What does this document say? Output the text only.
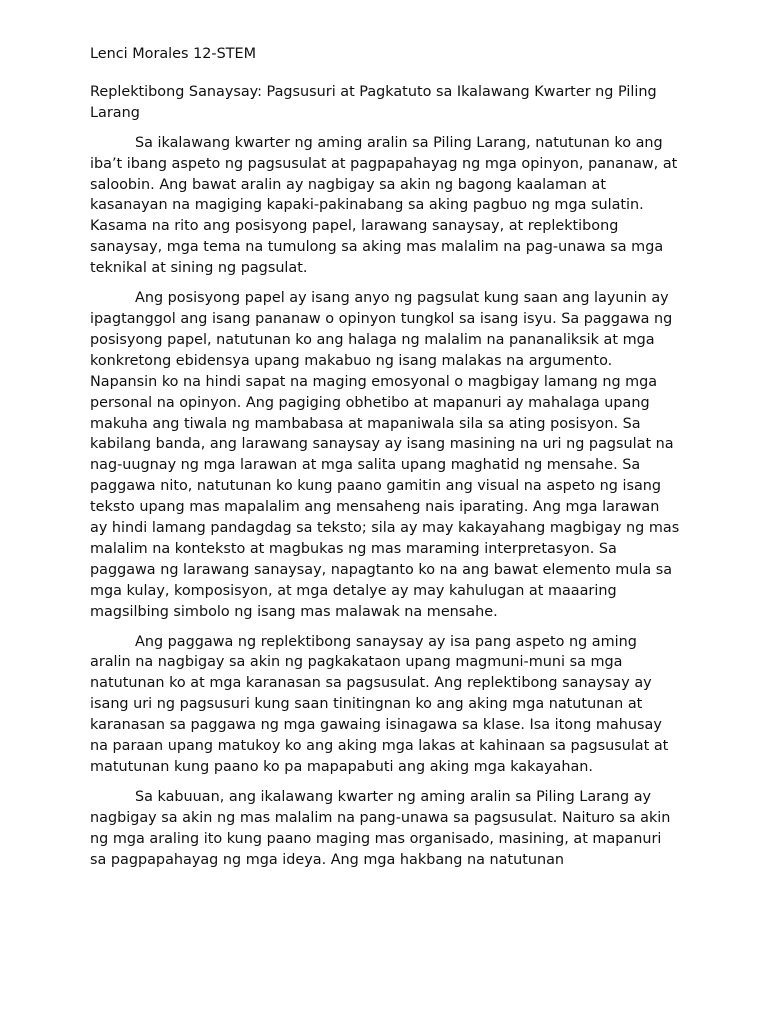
Lenci Morales 12-STEM

Replektibong Sanaysay: Pagsusuri at Pagkatuto sa Ikalawang Kwarter ng Piling Larang

Sa ikalawang kwarter ng aming aralin sa Piling Larang, natutunan ko ang iba’t ibang aspeto ng pagsusulat at pagpapahayag ng mga opinyon, pananaw, at saloobin. Ang bawat aralin ay nagbigay sa akin ng bagong kaalaman at kasanayan na magiging kapaki-pakinabang sa aking pagbuo ng mga sulatin. Kasama na rito ang posisyong papel, larawang sanaysay, at replektibong sanaysay, mga tema na tumulong sa aking mas malalim na pag-unawa sa mga teknikal at sining ng pagsulat.

Ang posisyong papel ay isang anyo ng pagsulat kung saan ang layunin ay ipagtanggol ang isang pananaw o opinyon tungkol sa isang isyu. Sa paggawa ng posisyong papel, natutunan ko ang halaga ng malalim na pananaliksik at mga konkretong ebidensya upang makabuo ng isang malakas na argumento. Napansin ko na hindi sapat na maging emosyonal o magbigay lamang ng mga personal na opinyon. Ang pagiging obhetibo at mapanuri ay mahalaga upang makuha ang tiwala ng mambabasa at mapaniwala sila sa ating posisyon. Sa kabilang banda, ang larawang sanaysay ay isang masining na uri ng pagsulat na nag-uugnay ng mga larawan at mga salita upang maghatid ng mensahe. Sa paggawa nito, natutunan ko kung paano gamitin ang visual na aspeto ng isang teksto upang mas mapalalim ang mensaheng nais iparating. Ang mga larawan ay hindi lamang pandagdag sa teksto; sila ay may kakayahang magbigay ng mas malalim na konteksto at magbukas ng mas maraming interpretasyon. Sa paggawa ng larawang sanaysay, napagtanto ko na ang bawat elemento mula sa mga kulay, komposisyon, at mga detalye ay may kahulugan at maaaring magsilbing simbolo ng isang mas malawak na mensahe.

Ang paggawa ng replektibong sanaysay ay isa pang aspeto ng aming aralin na nagbigay sa akin ng pagkakataon upang magmuni-muni sa mga natutunan ko at mga karanasan sa pagsusulat. Ang replektibong sanaysay ay isang uri ng pagsusuri kung saan tinitingnan ko ang aking mga natutunan at karanasan sa paggawa ng mga gawaing isinagawa sa klase. Isa itong mahusay na paraan upang matukoy ko ang aking mga lakas at kahinaan sa pagsusulat at matutunan kung paano ko pa mapapabuti ang aking mga kakayahan.

Sa kabuuan, ang ikalawang kwarter ng aming aralin sa Piling Larang ay nagbigay sa akin ng mas malalim na pang-unawa sa pagsusulat. Naituro sa akin ng mga araling ito kung paano maging mas organisado, masining, at mapanuri sa pagpapahayag ng mga ideya. Ang mga hakbang na natutunan
